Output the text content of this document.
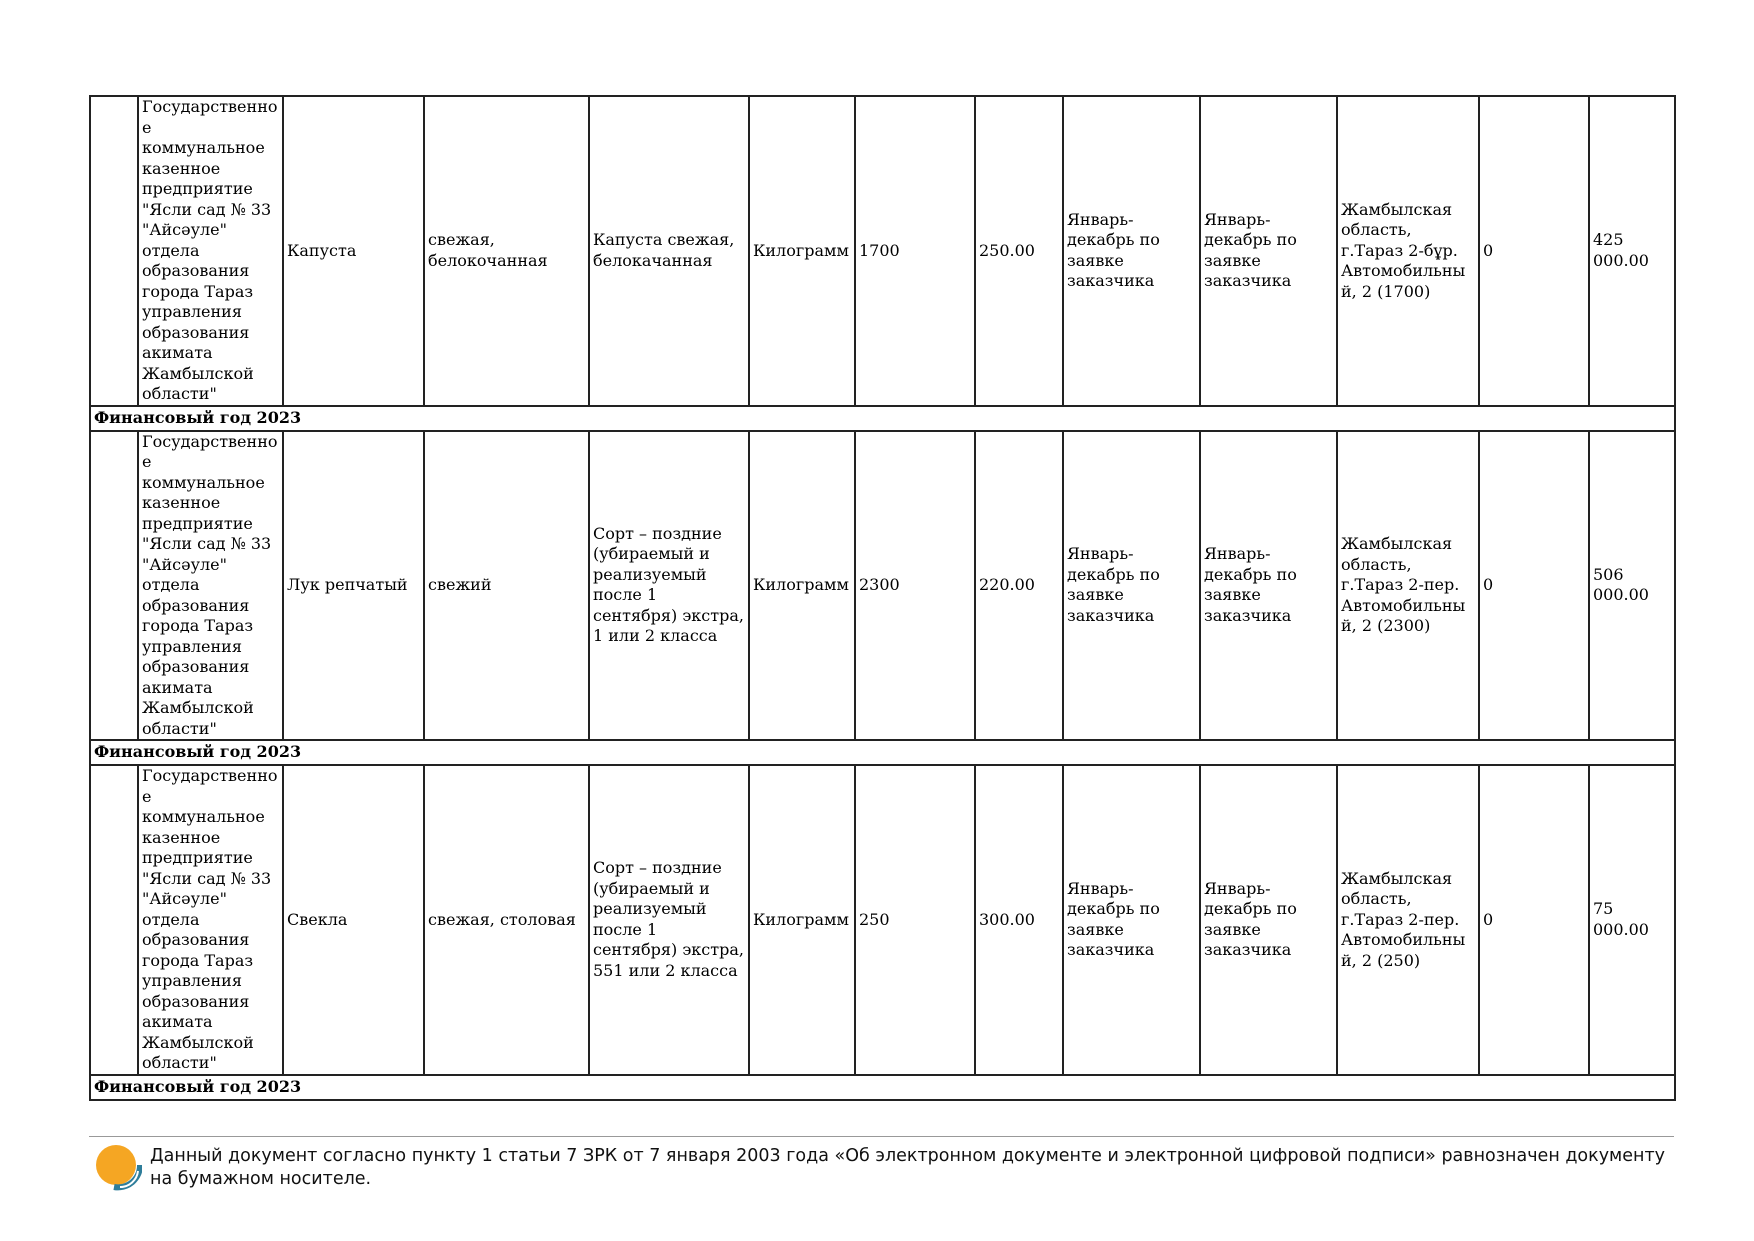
	Государственное коммунальное казенное предприятие "Ясли сад № 33 "Айсәуле" отдела образования города Тараз управления образования акимата Жамбылской области"	Капуста	свежая, белокочанная	Капуста свежая, белокачанная	Килограмм	1700	250.00	Январь-декабрь по заявке заказчика	Январь-декабрь по заявке заказчика	Жамбылская область, г.Тараз 2-бұр. Автомобильный, 2 (1700)	0	425 000.00
Финансовый год 2023												
	Государственное коммунальное казенное предприятие "Ясли сад № 33 "Айсәуле" отдела образования города Тараз управления образования акимата Жамбылской области"	Лук репчатый	свежий	Сорт – поздние (убираемый и реализуемый после 1 сентября) экстра, 1 или 2 класса	Килограмм	2300	220.00	Январь-декабрь по заявке заказчика	Январь-декабрь по заявке заказчика	Жамбылская область, г.Тараз 2-пер. Автомобильный, 2 (2300)	0	506 000.00
Финансовый год 2023												
	Государственное коммунальное казенное предприятие "Ясли сад № 33 "Айсәуле" отдела образования города Тараз управления образования акимата Жамбылской области"	Свекла	свежая, столовая	Сорт – поздние (убираемый и реализуемый после 1 сентября) экстра, 551 или 2 класса	Килограмм	250	300.00	Январь-декабрь по заявке заказчика	Январь-декабрь по заявке заказчика	Жамбылская область, г.Тараз 2-пер. Автомобильный, 2 (250)	0	75 000.00
Финансовый год 2023												
Данный документ согласно пункту 1 статьи 7 ЗРК от 7 января 2003 года «Об электронном документе и электронной цифровой подписи» равнозначен документу на бумажном носителе.
